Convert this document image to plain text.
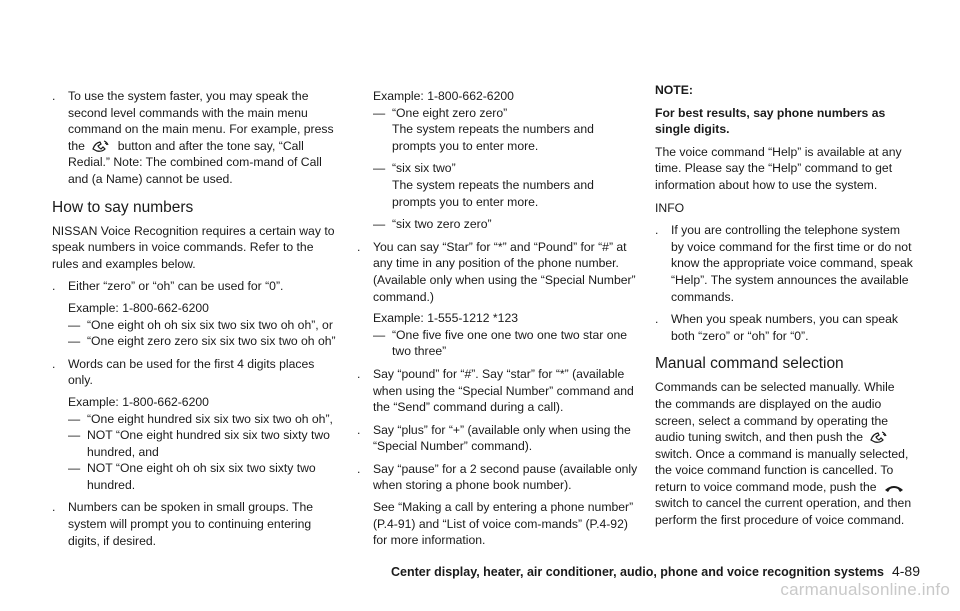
. To use the system faster, you may speak the second level commands with the main menu command on the main menu. For example, press the	button and after the tone say, “Call Redial.” Note: The combined com-mand of Call and (a Name) cannot be used.
How to say numbers

NISSAN Voice Recognition requires a certain way to speak numbers in voice commands. Refer to the rules and examples below.

. Either “zero” or “oh” can be used for “0”.
Example: 1-800-662-6200
— “One eight oh oh six six two six two oh oh”, or
— “One eight zero zero six six two six two oh oh”
. Words can be used for the first 4 digits places only.
Example: 1-800-662-6200
— “One eight hundred six six two six two oh oh”,
— NOT “One eight hundred six six two sixty two hundred, and
— NOT “One eight oh oh six six two sixty two hundred.
. Numbers can be spoken in small groups. The system will prompt you to continuing entering digits, if desired.
Example: 1-800-662-6200
— “One eight zero zero”
The system repeats the numbers and prompts you to enter more.
— “six six two”
The system repeats the numbers and prompts you to enter more.
— “six two zero zero”
. You can say “Star” for “*” and “Pound” for “#” at any time in any position of the phone number. (Available only when using the “Special Number” command.)
Example: 1-555-1212 *123
— “One five five one one two one two star one two three”
. Say “pound” for “#”. Say “star” for “*” (available when using the “Special Number” command and the “Send” command during a call).
. Say “plus” for “+” (available only when using the “Special Number” command).
. Say “pause” for a 2 second pause (available only when storing a phone book number).
See “Making a call by entering a phone number” (P.4-91) and “List of voice com-mands” (P.4-92) for more information.

NOTE:

For best results, say phone numbers as single digits.

The voice command “Help” is available at any time. Please say the “Help” command to get information about how to use the system.

INFO

. If you are controlling the telephone system by voice command for the first time or do not know the appropriate voice command, speak “Help”. The system announces the available commands.
. When you speak numbers, you can speak both “zero” or “oh” for “0”.
Manual command selection

Commands can be selected manually. While the commands are displayed on the audio screen, select a command by operating the audio tuning switch, and then push the  switch. Once a command is manually selected, the voice command function is cancelled. To return to voice command mode, push the  switch to cancel the current operation, and then perform the first procedure of voice command.

Center display, heater, air conditioner, audio, phone and voice recognition systems 4-89
carmanualsonline.info
